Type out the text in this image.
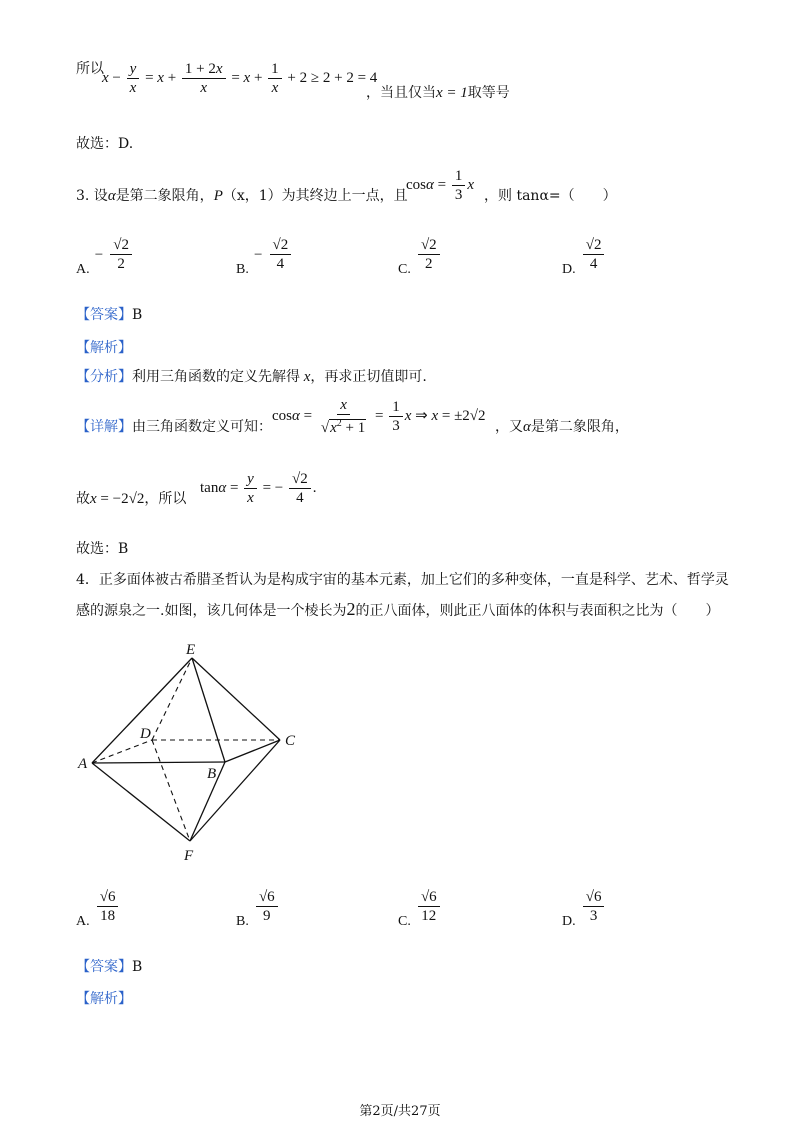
所以
$x - \frac{y}{x} = x + \frac{1 + 2x}{x} = x + \frac{1}{x} + 2 \ge 2 + 2 = 4$
，当且仅当x = 1取等号
故选：D.
3. 设α是第二象限角，P（x，1）为其终边上一点，且
$\cos\alpha = \frac{1}{3}$ x
，则 tanα=（　　）
A. − $\frac{√2}{2}$	B. − $\frac{√2}{4}$	C. $\frac{√2}{2}$	D. $\frac{√2}{4}$
【答案】B
【解析】
【分析】利用三角函数的定义先解得 x，再求正切值即可.
【详解】由三角函数定义可知：
$\cos\alpha = \frac{x}{√x^2 + 1} = \frac{1}{3}$ x ⇒ x = ±2√2
，又α是第二象限角，
故x = −2√2，所以
$\tan\alpha = \frac{y}{x}$ = − $\frac{√2}{4}$ .
故选：B
4．正多面体被古希腊圣哲认为是构成宇宙的基本元素，加上它们的多种变体，一直是科学、艺术、哲学灵
感的源泉之一.如图，该几何体是一个棱长为2的正八面体，则此正八面体的体积与表面积之比为（　　）
E
D	C
A
B
F
A. $\frac{√6}{18}$	B. $\frac{√6}{9}$	C. $\frac{√6}{12}$	D. $\frac{√6}{3}$
【答案】B
【解析】
第2页/共27页
